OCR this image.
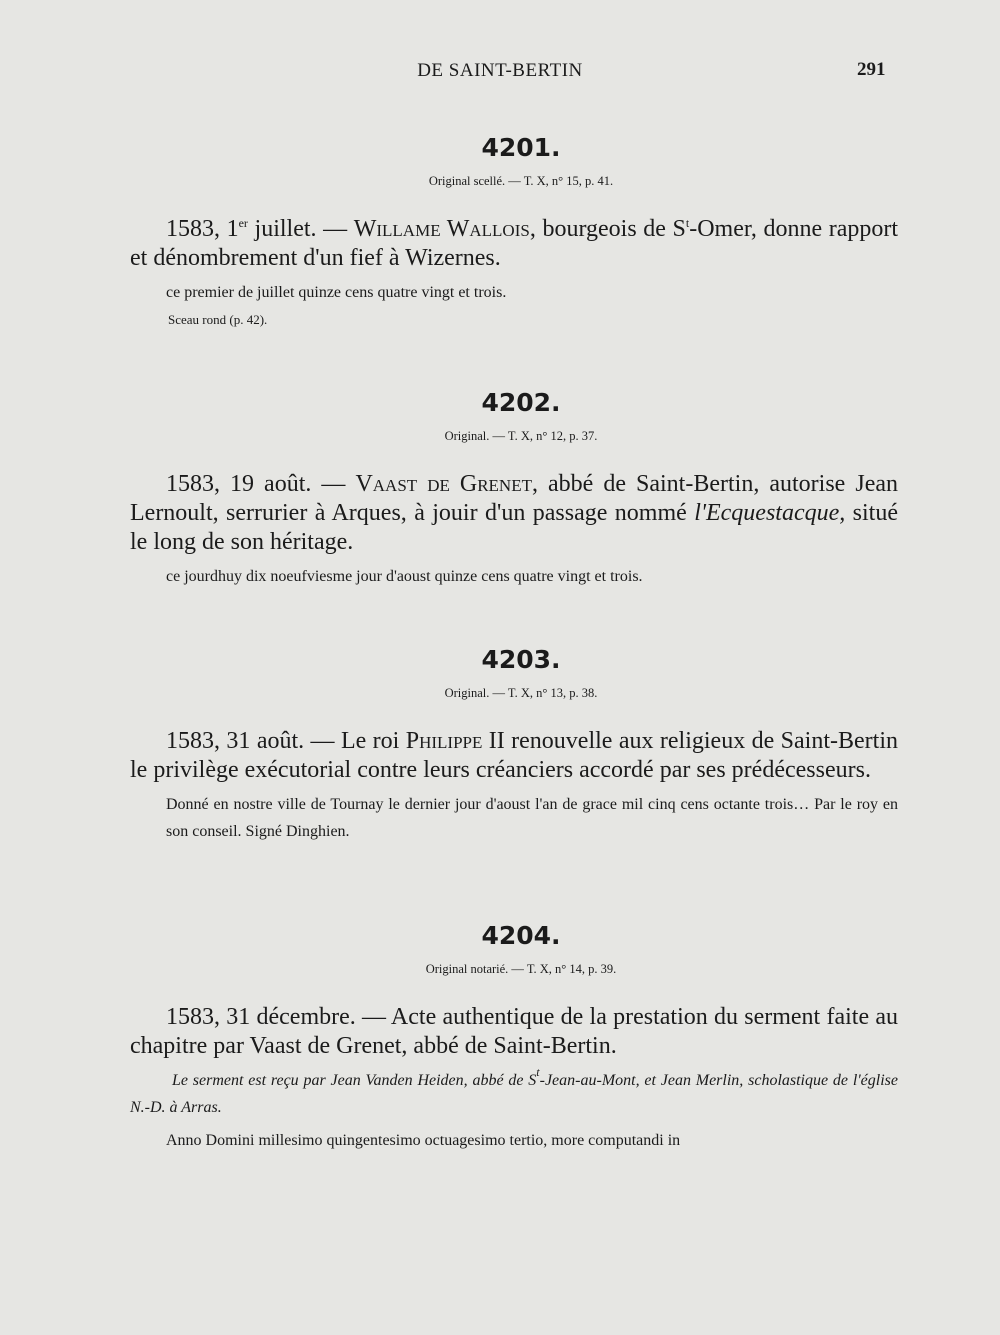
DE SAINT-BERTIN	291
4201.
Original scellé. — T. X, n° 15, p. 41.
1583, 1er juillet. — Willame Wallois, bourgeois de $S^t$-Omer, donne rapport et dénombrement d'un fief à Wizernes.
ce premier de juillet quinze cens quatre vingt et trois.
Sceau rond (p. 42).
4202.
Original. — T. X, n° 12, p. 37.
1583, 19 août. — Vaast de Grenet, abbé de Saint-Bertin, autorise Jean Lernoult, serrurier à Arques, à jouir d'un passage nommé l'Ecquestacque, situé le long de son héritage.
ce jourdhuy dix noeufviesme jour d'aoust quinze cens quatre vingt et trois.
4203.
Original. — T. X, n° 13, p. 38.
1583, 31 août. — Le roi Philippe II renouvelle aux religieux de Saint-Bertin le privilège exécutorial contre leurs créanciers accordé par ses prédécesseurs.
Donné en nostre ville de Tournay le dernier jour d'aoust l'an de grace mil cinq cens octante trois… Par le roy en son conseil. Signé Dinghien.
4204.
Original notarié. — T. X, n° 14, p. 39.
1583, 31 décembre. — Acte authentique de la prestation du serment faite au chapitre par Vaast de Grenet, abbé de Saint-Bertin.
Le serment est reçu par Jean Vanden Heiden, abbé de $S^t-Jean-au$-Mont, et Jean Merlin, scholastique de l'église N.-D. à Arras.
Anno Domini millesimo quingentesimo octuagesimo tertio, more computandi in
